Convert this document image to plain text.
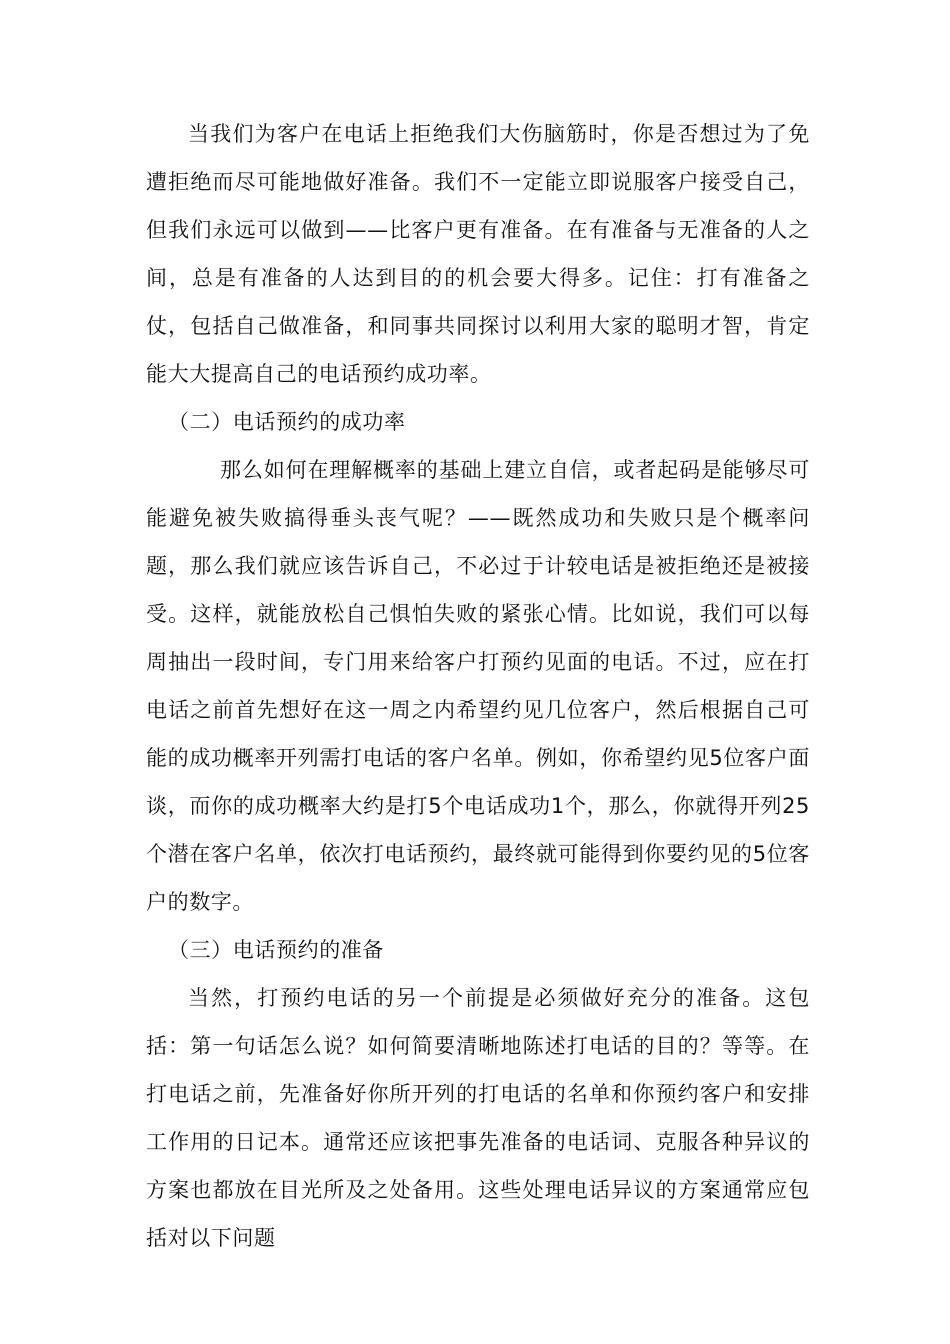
当我们为客户在电话上拒绝我们大伤脑筋时，你是否想过为了免遭拒绝而尽可能地做好准备。我们不一定能立即说服客户接受自己，但我们永远可以做到——比客户更有准备。在有准备与无准备的人之间，总是有准备的人达到目的的机会要大得多。记住：打有准备之仗，包括自己做准备，和同事共同探讨以利用大家的聪明才智，肯定能大大提高自己的电话预约成功率。

（二）电话预约的成功率

那么如何在理解概率的基础上建立自信，或者起码是能够尽可能避免被失败搞得垂头丧气呢？——既然成功和失败只是个概率问题，那么我们就应该告诉自己，不必过于计较电话是被拒绝还是被接受。这样，就能放松自己惧怕失败的紧张心情。比如说，我们可以每周抽出一段时间，专门用来给客户打预约见面的电话。不过，应在打电话之前首先想好在这一周之内希望约见几位客户，然后根据自己可能的成功概率开列需打电话的客户名单。例如，你希望约见5位客户面谈，而你的成功概率大约是打5个电话成功1个，那么，你就得开列25个潜在客户名单，依次打电话预约，最终就可能得到你要约见的5位客户的数字。

（三）电话预约的准备

当然，打预约电话的另一个前提是必须做好充分的准备。这包括：第一句话怎么说？如何简要清晰地陈述打电话的目的？等等。在打电话之前，先准备好你所开列的打电话的名单和你预约客户和安排工作用的日记本。通常还应该把事先准备的电话词、克服各种异议的方案也都放在目光所及之处备用。这些处理电话异议的方案通常应包括对以下问题
